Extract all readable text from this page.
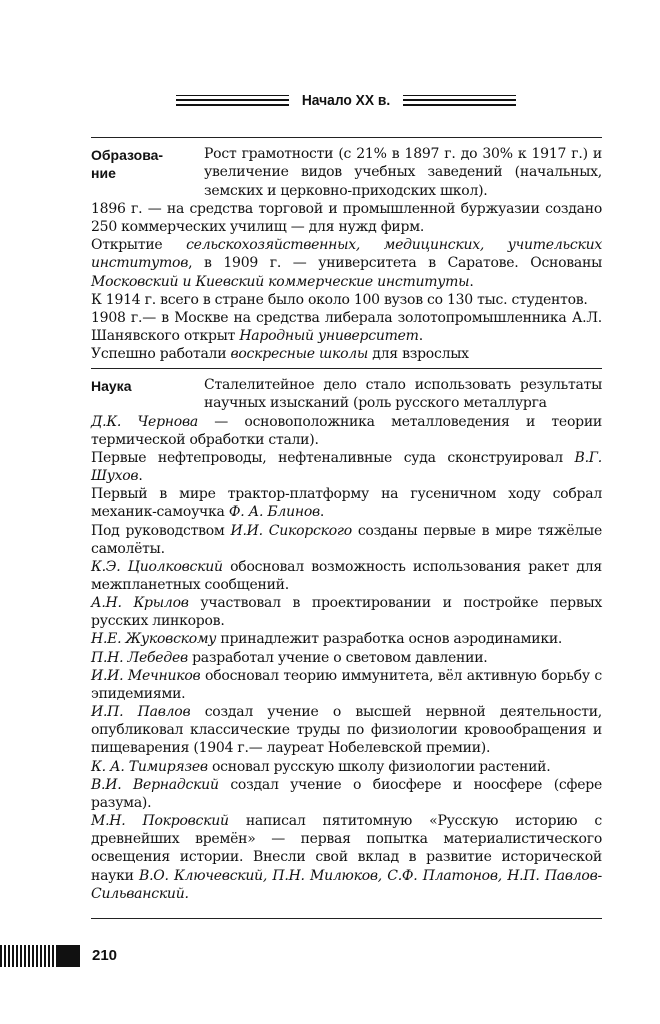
Начало XX в.
Образова-
ние

Рост грамотности (с 21% в 1897 г. до 30% к 1917 г.) и увеличение видов учебных заведений (начальных, земских и церковно-приходских школ).

1896 г. — на средства торговой и промышленной буржуазии создано 250 коммерческих училищ — для нужд фирм.

Открытие сельскохозяйственных, медицинских, учительских институтов, в 1909 г. — университета в Саратове. Основаны Московский и Киевский коммерческие институты.

К 1914 г. всего в стране было около 100 вузов со 130 тыс. студентов.

1908 г.— в Москве на средства либерала золотопромышленника А.Л. Шанявского открыт Народный университет.

Успешно работали воскресные школы для взрослых

Наука	Сталелитейное дело стало использовать результаты научных изысканий (роль русского металлурга

Д.К. Чернова — основоположника металловедения и теории термической обработки стали).

Первые нефтепроводы, нефтеналивные суда сконструировал В.Г. Шухов.

Первый в мире трактор-платформу на гусеничном ходу собрал механик-самоучка Ф. А. Блинов.

Под руководством И.И. Сикорского созданы первые в мире тяжёлые самолёты.

К.Э. Циолковский обосновал возможность использования ракет для межпланетных сообщений.

А.Н. Крылов участвовал в проектировании и постройке первых русских линкоров.

Н.Е. Жуковскому принадлежит разработка основ аэродинамики.

П.Н. Лебедев разработал учение о световом давлении.

И.И. Мечников обосновал теорию иммунитета, вёл активную борьбу с эпидемиями.

И.П. Павлов создал учение о высшей нервной деятельности, опубликовал классические труды по физиологии кровообращения и пищеварения (1904 г.— лауреат Нобелевской премии).

К. А. Тимирязев основал русскую школу физиологии растений.

В.И. Вернадский создал учение о биосфере и ноосфере (сфере разума).

М.Н. Покровский написал пятитомную «Русскую историю с древнейших времён» — первая попытка материалистического освещения истории. Внесли свой вклад в развитие исторической науки В.О. Ключевский, П.Н. Милюков, С.Ф. Платонов, Н.П. Павлов-Сильванский.

210
